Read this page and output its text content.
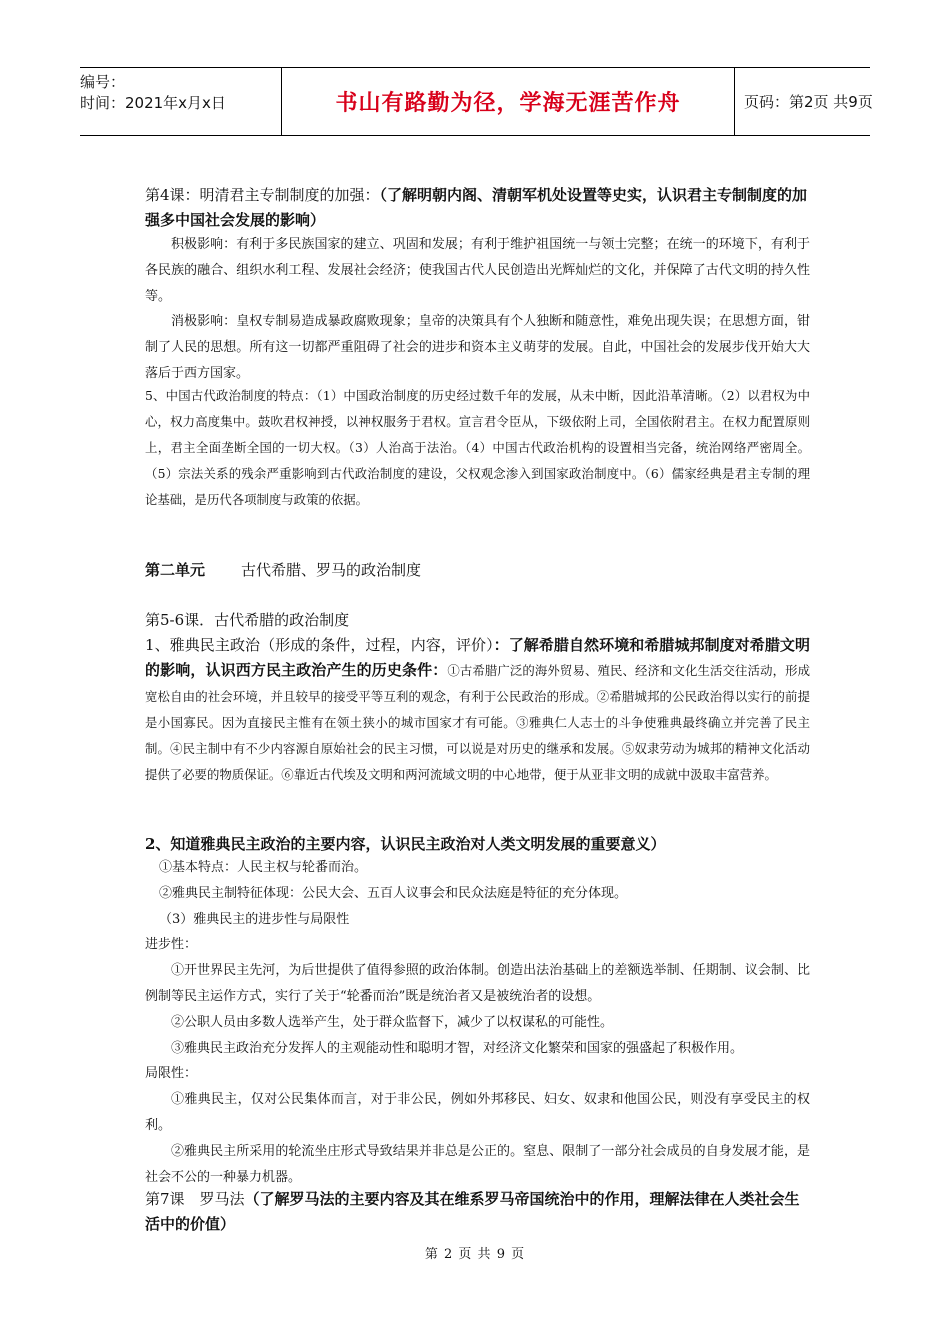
编号：
时间：2021年x月x日	书山有路勤为径，学海无涯苦作舟	页码：第2页 共9页
第4课：明清君主专制制度的加强：（了解明朝内阁、清朝军机处设置等史实，认识君主专制制度的加强多中国社会发展的影响）
积极影响：有利于多民族国家的建立、巩固和发展；有利于维护祖国统一与领士完整；在统一的环境下，有利于各民族的融合、组织水利工程、发展社会经济；使我国古代人民创造出光辉灿烂的文化，并保障了古代文明的持久性等。
消极影响：皇权专制易造成暴政腐败现象；皇帝的决策具有个人独断和随意性，难免出现失误；在思想方面，钳制了人民的思想。所有这一切都严重阻碍了社会的进步和资本主义萌芽的发展。自此，中国社会的发展步伐开始大大落后于西方国家。
5、中国古代政治制度的特点：（1）中国政治制度的历史经过数千年的发展，从未中断，因此沿革清晰。（2）以君权为中心，权力高度集中。鼓吹君权神授，以神权服务于君权。宣言君令臣从，下级依附上司，全国依附君主。在权力配置原则上，君主全面垄断全国的一切大权。（3）人治高于法治。（4）中国古代政治机构的设置相当完备，统治网络严密周全。（5）宗法关系的残余严重影响到古代政治制度的建设，父权观念渗入到国家政治制度中。（6）儒家经典是君主专制的理论基础，是历代各项制度与政策的依据。
第二单元 古代希腊、罗马的政治制度
第5-6课．古代希腊的政治制度
1、雅典民主政治（形成的条件，过程，内容，评价）：了解希腊自然环境和希腊城邦制度对希腊文明的影响，认识西方民主政治产生的历史条件：①古希腊广泛的海外贸易、殖民、经济和文化生活交往活动，形成宽松自由的社会环境，并且较早的接受平等互利的观念，有利于公民政治的形成。②希腊城邦的公民政治得以实行的前提是小国寡民。因为直接民主惟有在领土狭小的城市国家才有可能。③雅典仁人志士的斗争使雅典最终确立并完善了民主制。④民主制中有不少内容源自原始社会的民主习惯，可以说是对历史的继承和发展。⑤奴隶劳动为城邦的精神文化活动提供了必要的物质保证。⑥靠近古代埃及文明和两河流域文明的中心地带，便于从亚非文明的成就中汲取丰富营养。
2、知道雅典民主政治的主要内容，认识民主政治对人类文明发展的重要意义）
①基本特点：人民主权与轮番而治。
②雅典民主制特征体现：公民大会、五百人议事会和民众法庭是特征的充分体现。
（3）雅典民主的进步性与局限性
进步性：
①开世界民主先河，为后世提供了值得参照的政治体制。创造出法治基础上的差额选举制、任期制、议会制、比例制等民主运作方式，实行了关于“轮番而治”既是统治者又是被统治者的设想。
②公职人员由多数人选举产生，处于群众监督下，减少了以权谋私的可能性。
③雅典民主政治充分发挥人的主观能动性和聪明才智，对经济文化繁荣和国家的强盛起了积极作用。
局限性：
①雅典民主，仅对公民集体而言，对于非公民，例如外邦移民、妇女、奴隶和他国公民，则没有享受民主的权利。
②雅典民主所采用的轮流坐庄形式导致结果并非总是公正的。窒息、限制了一部分社会成员的自身发展才能，是社会不公的一种暴力机器。
第7课　罗马法（了解罗马法的主要内容及其在维系罗马帝国统治中的作用，理解法律在人类社会生活中的价值）
第 2 页 共 9 页
